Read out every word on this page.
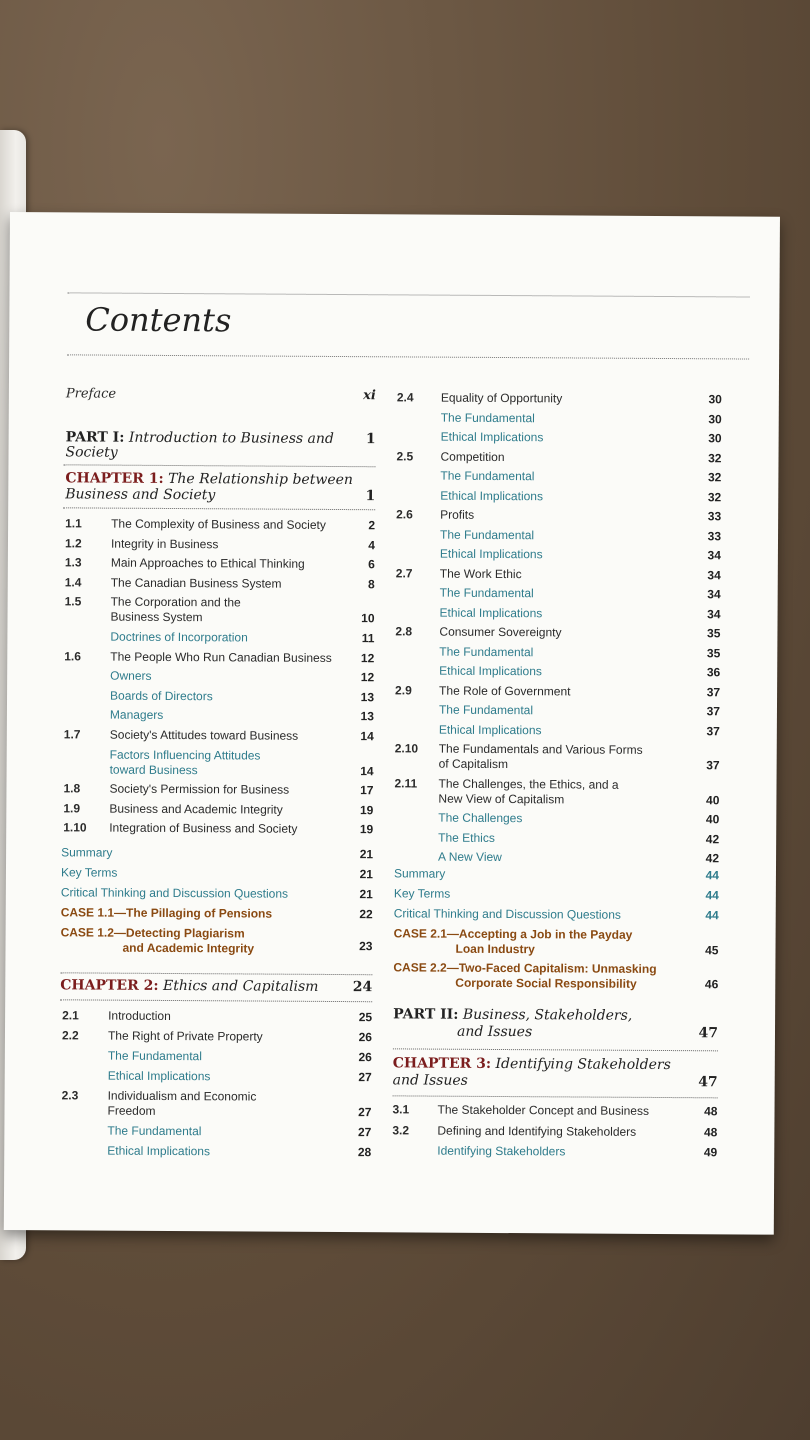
Contents
Preface	xi
PART I: Introduction to Business and Society
1
CHAPTER 1: The Relationship between
Business and Society	1
1.1 The Complexity of Business and Society	2
1.2 Integrity in Business	4
1.3 Main Approaches to Ethical Thinking	6
1.4 The Canadian Business System	8
1.5 The Corporation and the
Business System	10
Doctrines of Incorporation	11
1.6 The People Who Run Canadian Business 12
Owners	12
Boards of Directors	13
Managers	13
1.7 Society's Attitudes toward Business	14
Factors Influencing Attitudes
toward Business	14
1.8 Society's Permission for Business	17
1.9 Business and Academic Integrity	19
1.10 Integration of Business and Society	19
Summary	21
Key Terms	21
Critical Thinking and Discussion Questions	21
CASE 1.1—The Pillaging of Pensions	22
CASE 1.2—Detecting Plagiarism
and Academic Integrity	23
CHAPTER 2: Ethics and Capitalism 24
2.1 Introduction	25
2.2 The Right of Private Property	26
The Fundamental	26
Ethical Implications	27
2.3 Individualism and Economic
Freedom	27
The Fundamental	27
Ethical Implications	28
2.4 Equality of Opportunity	30
The Fundamental	30
Ethical Implications	30
2.5 Competition	32
The Fundamental	32
Ethical Implications	32
2.6 Profits	33
The Fundamental	33
Ethical Implications	34
2.7 The Work Ethic	34
The Fundamental	34
Ethical Implications	34
2.8 Consumer Sovereignty	35
The Fundamental	35
Ethical Implications	36
2.9 The Role of Government	37
The Fundamental	37
Ethical Implications	37
2.10 The Fundamentals and Various Forms
of Capitalism	37
2.11 The Challenges, the Ethics, and a
New View of Capitalism	40
The Challenges	40
The Ethics	42
A New View	42
Summary	44
Key Terms	44
Critical Thinking and Discussion Questions	44
CASE 2.1—Accepting a Job in the Payday
Loan Industry	45
CASE 2.2—Two-Faced Capitalism: Unmasking
Corporate Social Responsibility	46
PART II: Business, Stakeholders,
and Issues	47
CHAPTER 3: Identifying Stakeholders
and Issues	47
3.1 The Stakeholder Concept and Business	48
3.2 Defining and Identifying Stakeholders	48
Identifying Stakeholders	49
